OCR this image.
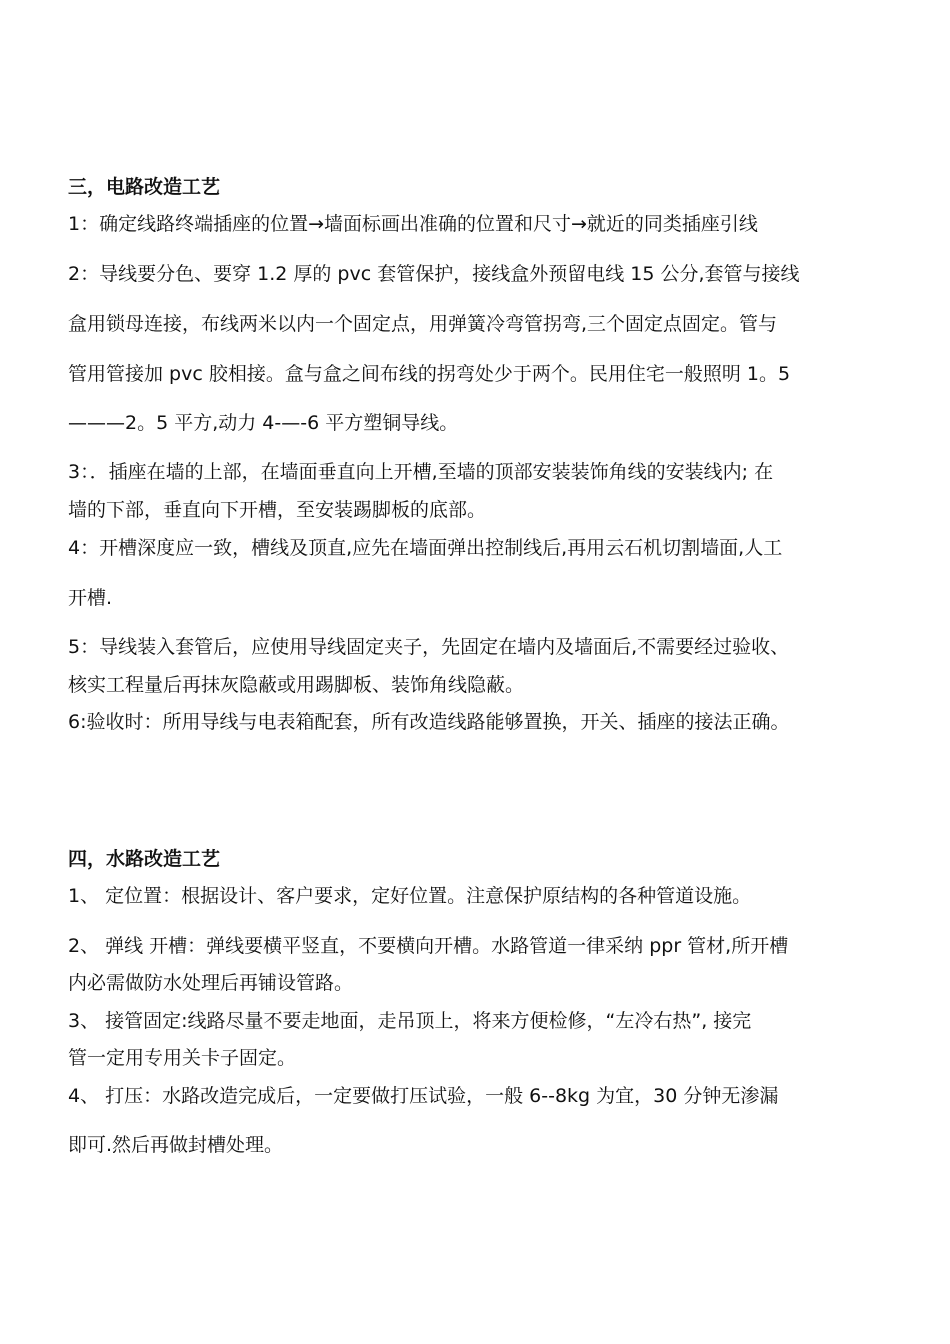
三，电路改造工艺
1：确定线路终端插座的位置→墙面标画出准确的位置和尺寸→就近的同类插座引线
2：导线要分色、要穿 1.2 厚的 pvc 套管保护，接线盒外预留电线 15 公分,套管与接线
盒用锁母连接，布线两米以内一个固定点，用弹簧冷弯管拐弯,三个固定点固定。管与
管用管接加 pvc 胶相接。盒与盒之间布线的拐弯处少于两个。民用住宅一般照明 1。5
———2。5 平方,动力 4-—-6 平方塑铜导线。
3：．插座在墙的上部，在墙面垂直向上开槽,至墙的顶部安装装饰角线的安装线内; 在
墙的下部，垂直向下开槽，至安装踢脚板的底部。
4：开槽深度应一致，槽线及顶直,应先在墙面弹出控制线后,再用云石机切割墙面,人工
开槽.
5：导线装入套管后，应使用导线固定夹子，先固定在墙内及墙面后,不需要经过验收、
核实工程量后再抹灰隐蔽或用踢脚板、装饰角线隐蔽。
6:验收时：所用导线与电表箱配套，所有改造线路能够置换，开关、插座的接法正确。
四，水路改造工艺
1、 定位置：根据设计、客户要求，定好位置。注意保护原结构的各种管道设施。
2、 弹线 开槽：弹线要横平竖直，不要横向开槽。水路管道一律采纳 ppr 管材,所开槽
内必需做防水处理后再铺设管路。
3、 接管固定:线路尽量不要走地面，走吊顶上，将来方便检修，“左冷右热”, 接完
管一定用专用关卡子固定。
4、 打压：水路改造完成后，一定要做打压试验，一般 6--8kg 为宜，30 分钟无渗漏
即可.然后再做封槽处理。
